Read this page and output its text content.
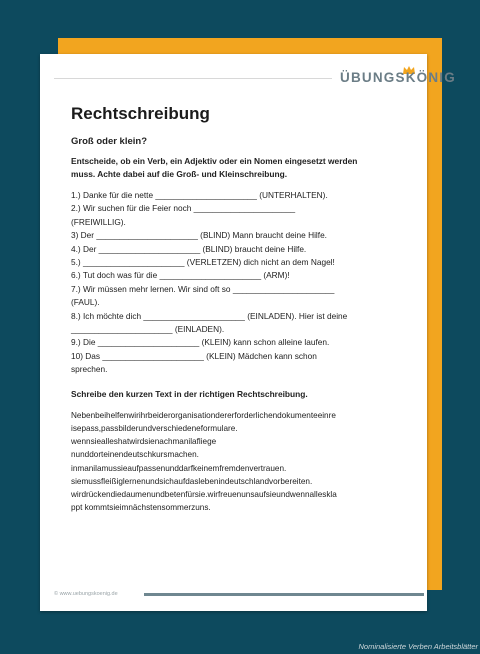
ÜBUNGSKÖNIG
Rechtschreibung
Groß oder klein?
Entscheide, ob ein Verb, ein Adjektiv oder ein Nomen eingesetzt werden
muss. Achte dabei auf die Groß- und Kleinschreibung.
1.) Danke für die nette ______________________ (UNTERHALTEN).
2.) Wir suchen für die Feier noch ______________________
(FREIWILLIG).
3) Der ______________________ (BLIND) Mann braucht deine Hilfe.
4.) Der ______________________ (BLIND) braucht deine Hilfe.
5.) ______________________ (VERLETZEN) dich nicht an dem Nagel!
6.) Tut doch was für die ______________________ (ARM)!
7.) Wir müssen mehr lernen. Wir sind oft so ______________________
(FAUL).
8.) Ich möchte dich ______________________ (EINLADEN). Hier ist deine
______________________ (EINLADEN).
9.) Die ______________________ (KLEIN) kann schon alleine laufen.
10) Das ______________________ (KLEIN) Mädchen kann schon
sprechen.
Schreibe den kurzen Text in der richtigen Rechtschreibung.
Nebenbeihelfenwirihrbeiderorganisationdererforderlichendokumenteeinre
isepass,passbilderundverschiedeneformulare.
wennsiealleshatwirdsienachmanilafliege
nunddorteinendeutschkursmachen.
inmanilamussieaufpassenunddarfkeinemfremdenvertrauen.
siemussfleißiglernenundsichaufdaslebenindeutschlandvorbereiten.
wirdrückendiedaumenundbetenfürsie.wirfreuenunsaufsieundwennalleskla
ppt kommtsieimnächstensommerzuns.
© www.uebungskoenig.de
Nominalisierte Verben Arbeitsblätter
